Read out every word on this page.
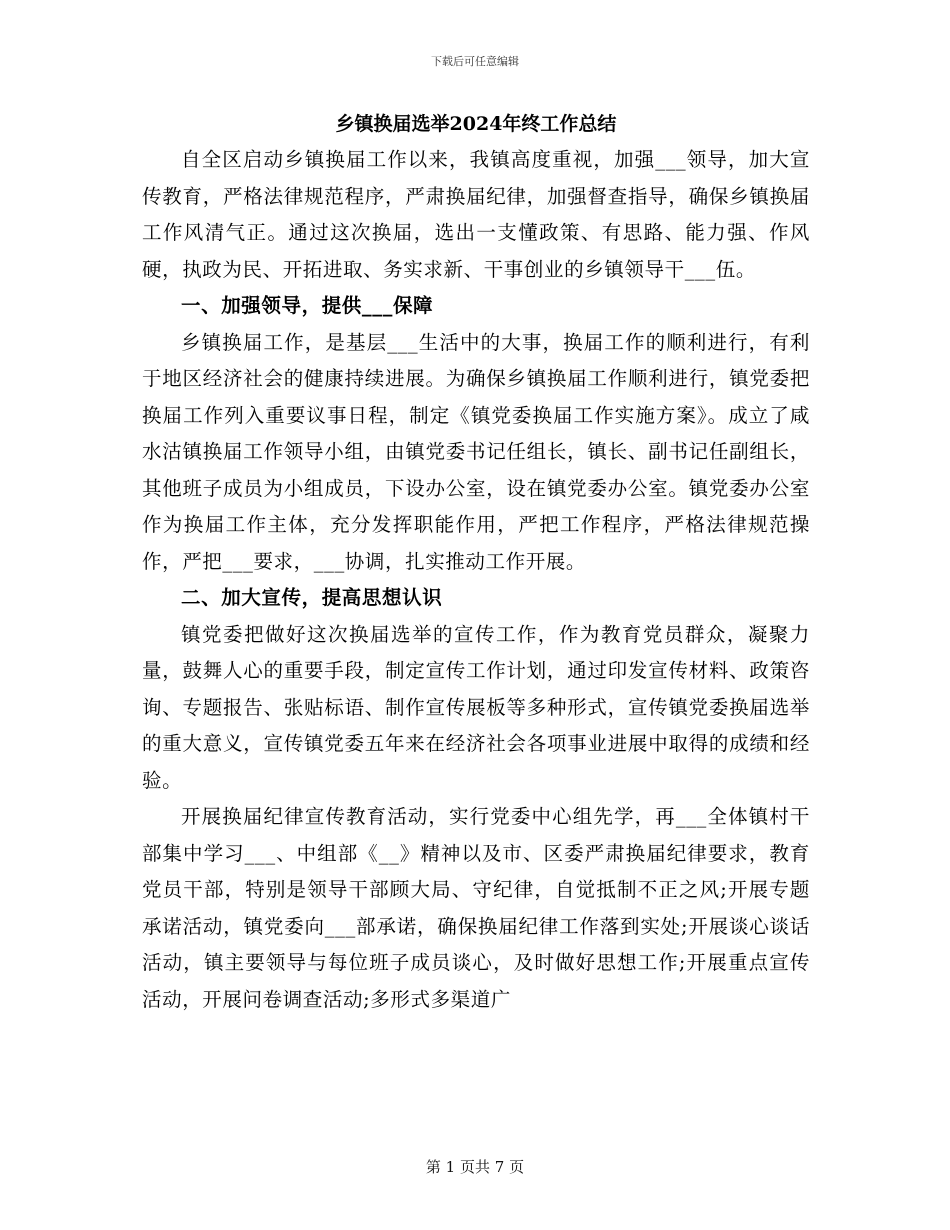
下载后可任意编辑
乡镇换届选举2024年终工作总结

自全区启动乡镇换届工作以来，我镇高度重视，加强___领导，加大宣传教育，严格法律规范程序，严肃换届纪律，加强督查指导，确保乡镇换届工作风清气正。通过这次换届，选出一支懂政策、有思路、能力强、作风硬，执政为民、开拓进取、务实求新、干事创业的乡镇领导干___伍。

一、加强领导，提供___保障

乡镇换届工作，是基层___生活中的大事，换届工作的顺利进行，有利于地区经济社会的健康持续进展。为确保乡镇换届工作顺利进行，镇党委把换届工作列入重要议事日程，制定《镇党委换届工作实施方案》。成立了咸水沽镇换届工作领导小组，由镇党委书记任组长，镇长、副书记任副组长，其他班子成员为小组成员，下设办公室，设在镇党委办公室。镇党委办公室作为换届工作主体，充分发挥职能作用，严把工作程序，严格法律规范操作，严把___要求，___协调，扎实推动工作开展。

二、加大宣传，提高思想认识

镇党委把做好这次换届选举的宣传工作，作为教育党员群众，凝聚力量，鼓舞人心的重要手段，制定宣传工作计划，通过印发宣传材料、政策咨询、专题报告、张贴标语、制作宣传展板等多种形式，宣传镇党委换届选举的重大意义，宣传镇党委五年来在经济社会各项事业进展中取得的成绩和经验。

开展换届纪律宣传教育活动，实行党委中心组先学，再___全体镇村干部集中学习___、中组部《__》精神以及市、区委严肃换届纪律要求，教育党员干部，特别是领导干部顾大局、守纪律，自觉抵制不正之风;开展专题承诺活动，镇党委向___部承诺，确保换届纪律工作落到实处;开展谈心谈话活动，镇主要领导与每位班子成员谈心，及时做好思想工作;开展重点宣传活动，开展问卷调查活动;多形式多渠道广

第 1 页共 7 页
